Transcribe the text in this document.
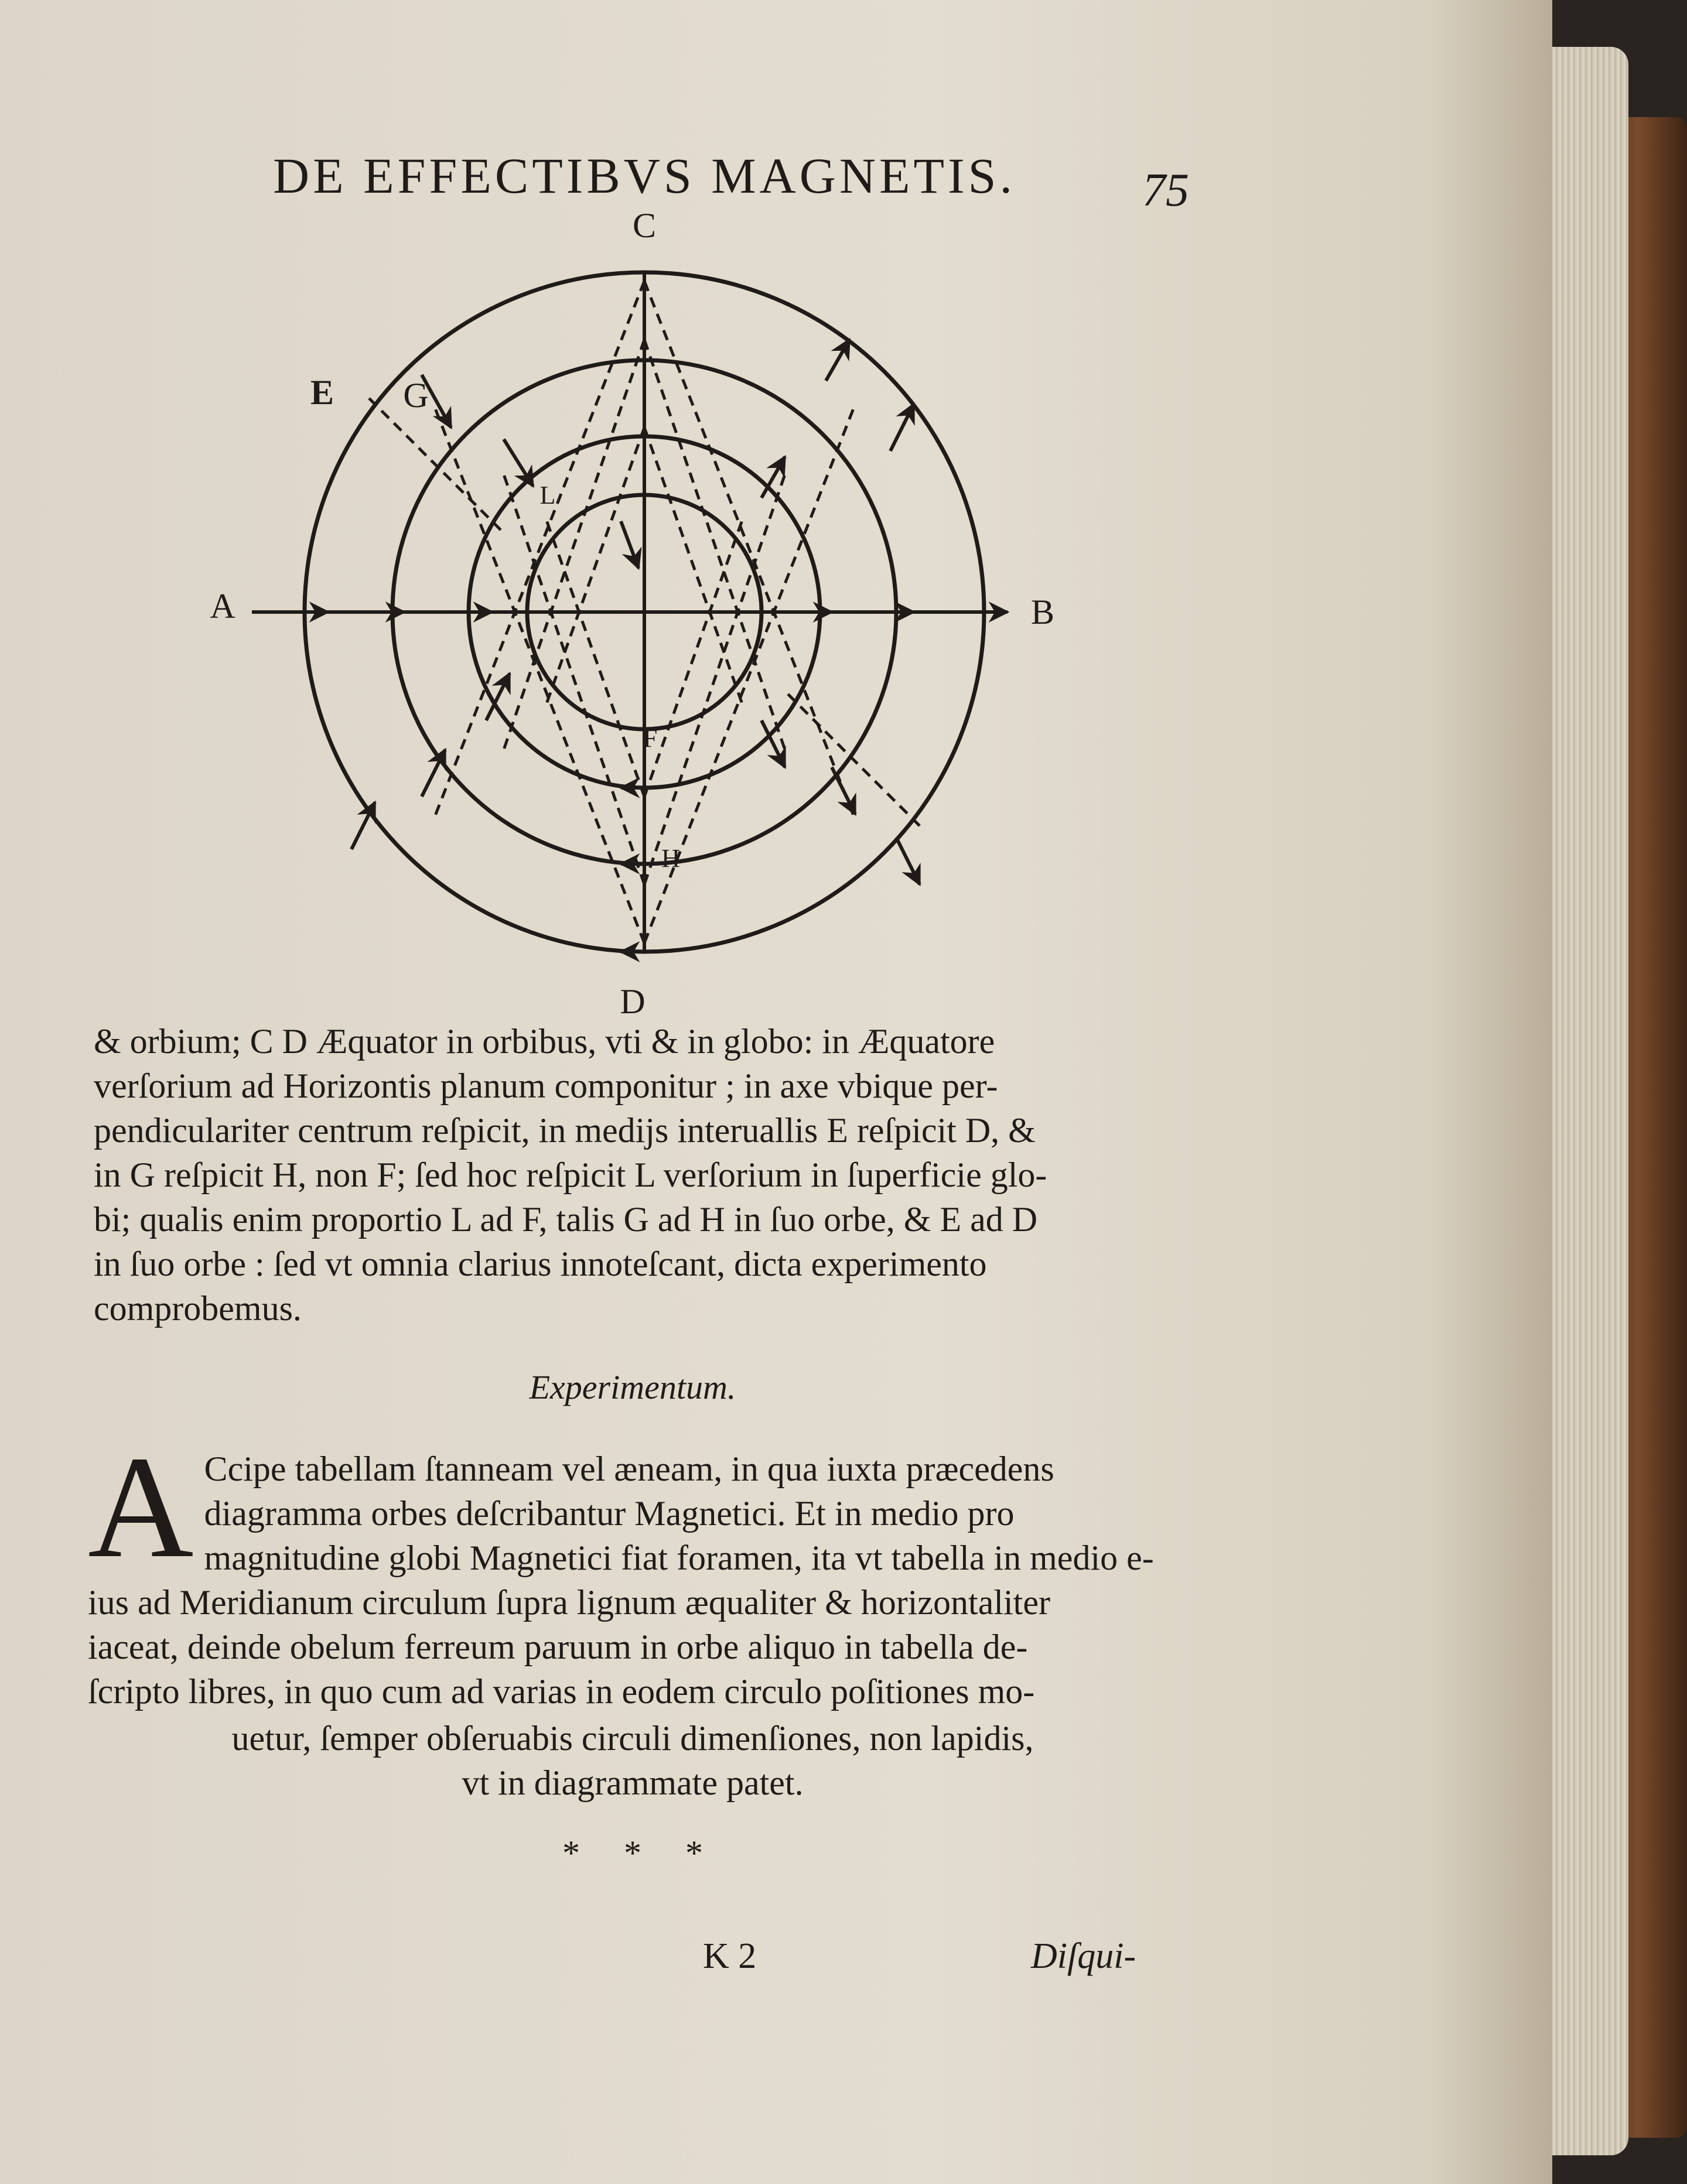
DE EFFECTIBVS MAGNETIS.	75
C
D
A	B
E G
L
F
H

& orbium; C D Æquator in orbibus, vti & in globo: in Æquatore

verſorium ad Horizontis planum componitur ; in axe vbique per-

pendiculariter centrum reſpicit, in medijs interuallis E reſpicit D, &

in G reſpicit H, non F; ſed hoc reſpicit L verſorium in ſuperficie glo-

bi; qualis enim proportio L ad F, talis G ad H in ſuo orbe, & E ad D

in ſuo orbe : ſed vt omnia clarius innoteſcant, dicta experimento

comprobemus.

Experimentum.
A Ccipe tabellam ſtanneam vel æneam, in qua iuxta præcedens
diagramma orbes deſcribantur Magnetici. Et in medio pro
magnitudine globi Magnetici fiat foramen, ita vt tabella in medio e-
ius ad Meridianum circulum ſupra lignum æqualiter & horizontaliter
iaceat, deinde obelum ferreum paruum in orbe aliquo in tabella de-
ſcripto libres, in quo cum ad varias in eodem circulo poſitiones mo-
uetur, ſemper obſeruabis circuli dimenſiones, non lapidis,
vt in diagrammate patet.
* * *
K 2	Diſqui-
